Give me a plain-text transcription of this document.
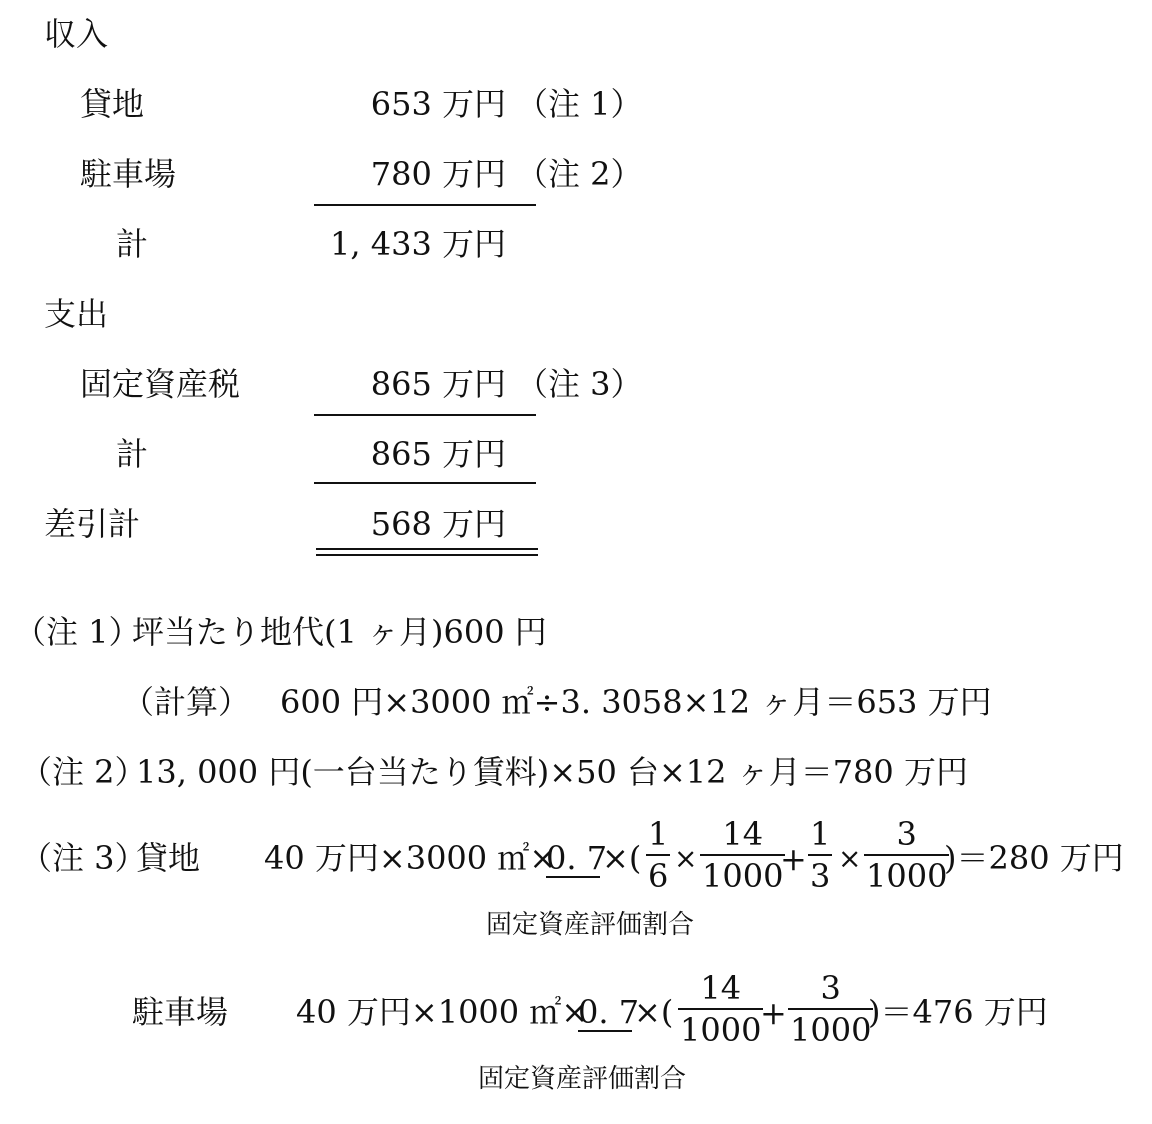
収入
貸地	653 万円 （注 1）
駐車場	780 万円 （注 2）
計	1, 433 万円
支出
固定資産税	865 万円 （注 3）
計	865 万円
差引計	568 万円
（注 1）
坪当たり地代(1 ヶ月)600 円
（計算） 600 円×3000 ㎡÷3. 3058×12 ヶ月＝653 万円
（注 2）
13, 000 円(一台当たり賃料)×50 台×12 ヶ月＝780 万円
（注 3）
貸地 40 万円×3000 ㎡×
0. 7
×(
1
6 ×
14
1000
+
1
3 ×
3
1000
)＝280 万円
固定資産評価割合
駐車場 40 万円×1000 ㎡×
0. 7
×(
14
1000
+
3
1000
)＝476 万円
固定資産評価割合
